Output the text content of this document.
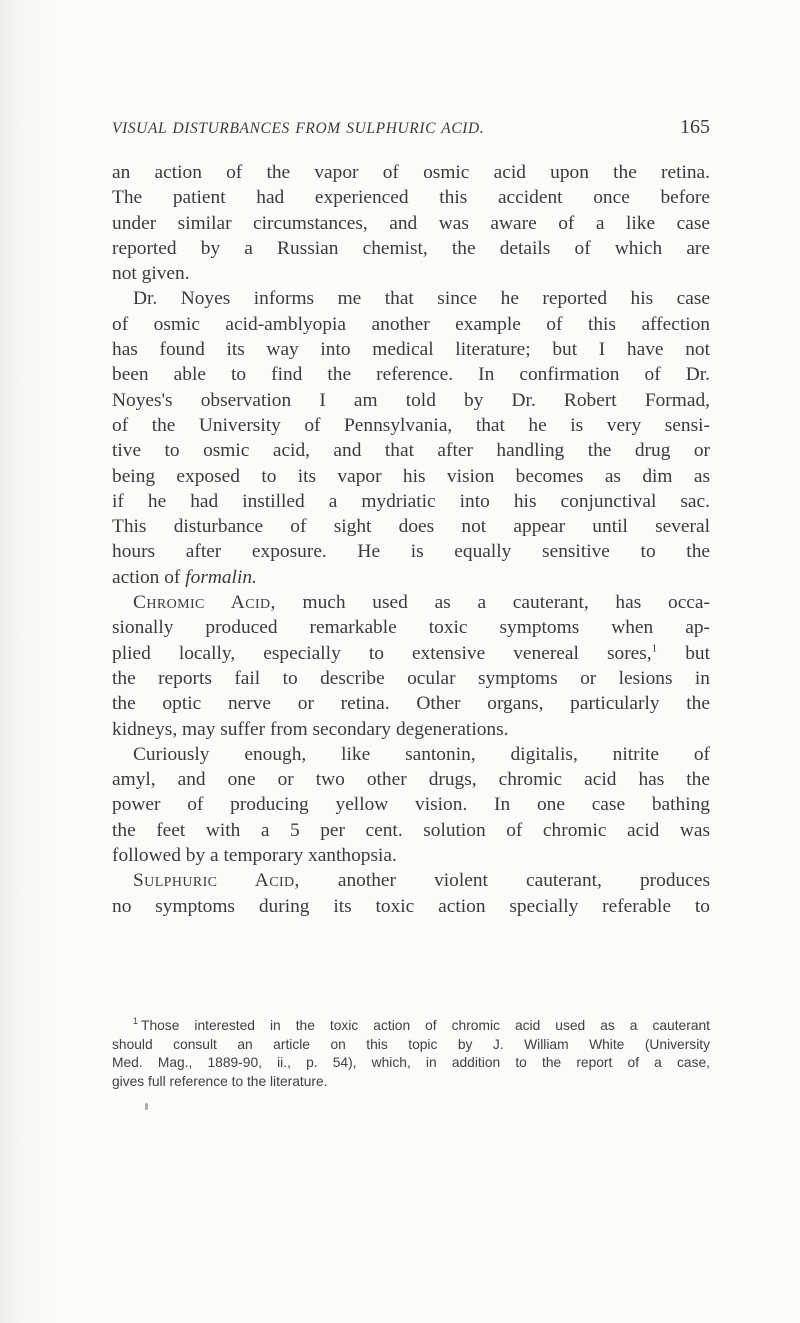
VISUAL DISTURBANCES FROM SULPHURIC ACID.	165
an action of the vapor of osmic acid upon the retina.
The patient had experienced this accident once before
under similar circumstances, and was aware of a like case
reported by a Russian chemist, the details of which are
not given.
Dr. Noyes informs me that since he reported his case
of osmic acid-amblyopia another example of this affection
has found its way into medical literature; but I have not
been able to find the reference. In confirmation of Dr.
Noyes's observation I am told by Dr. Robert Formad,
of the University of Pennsylvania, that he is very sensi-
tive to osmic acid, and that after handling the drug or
being exposed to its vapor his vision becomes as dim as
if he had instilled a mydriatic into his conjunctival sac.
This disturbance of sight does not appear until several
hours after exposure. He is equally sensitive to the
action of formalin.
Chromic Acid, much used as a cauterant, has occa-
sionally produced remarkable toxic symptoms when ap-
plied locally, especially to extensive venereal sores,$^1$ but
the reports fail to describe ocular symptoms or lesions in
the optic nerve or retina. Other organs, particularly the
kidneys, may suffer from secondary degenerations.
Curiously enough, like santonin, digitalis, nitrite of
amyl, and one or two other drugs, chromic acid has the
power of producing yellow vision. In one case bathing
the feet with a 5 per cent. solution of chromic acid was
followed by a temporary xanthopsia.
Sulphuric Acid, another violent cauterant, produces
no symptoms during its toxic action specially referable to
$^1$ Those interested in the toxic action of chromic acid used as a cauterant
should consult an article on this topic by J. William White (University
Med. Mag., 1889-90, ii., p. 54), which, in addition to the report of a case,
gives full reference to the literature.
